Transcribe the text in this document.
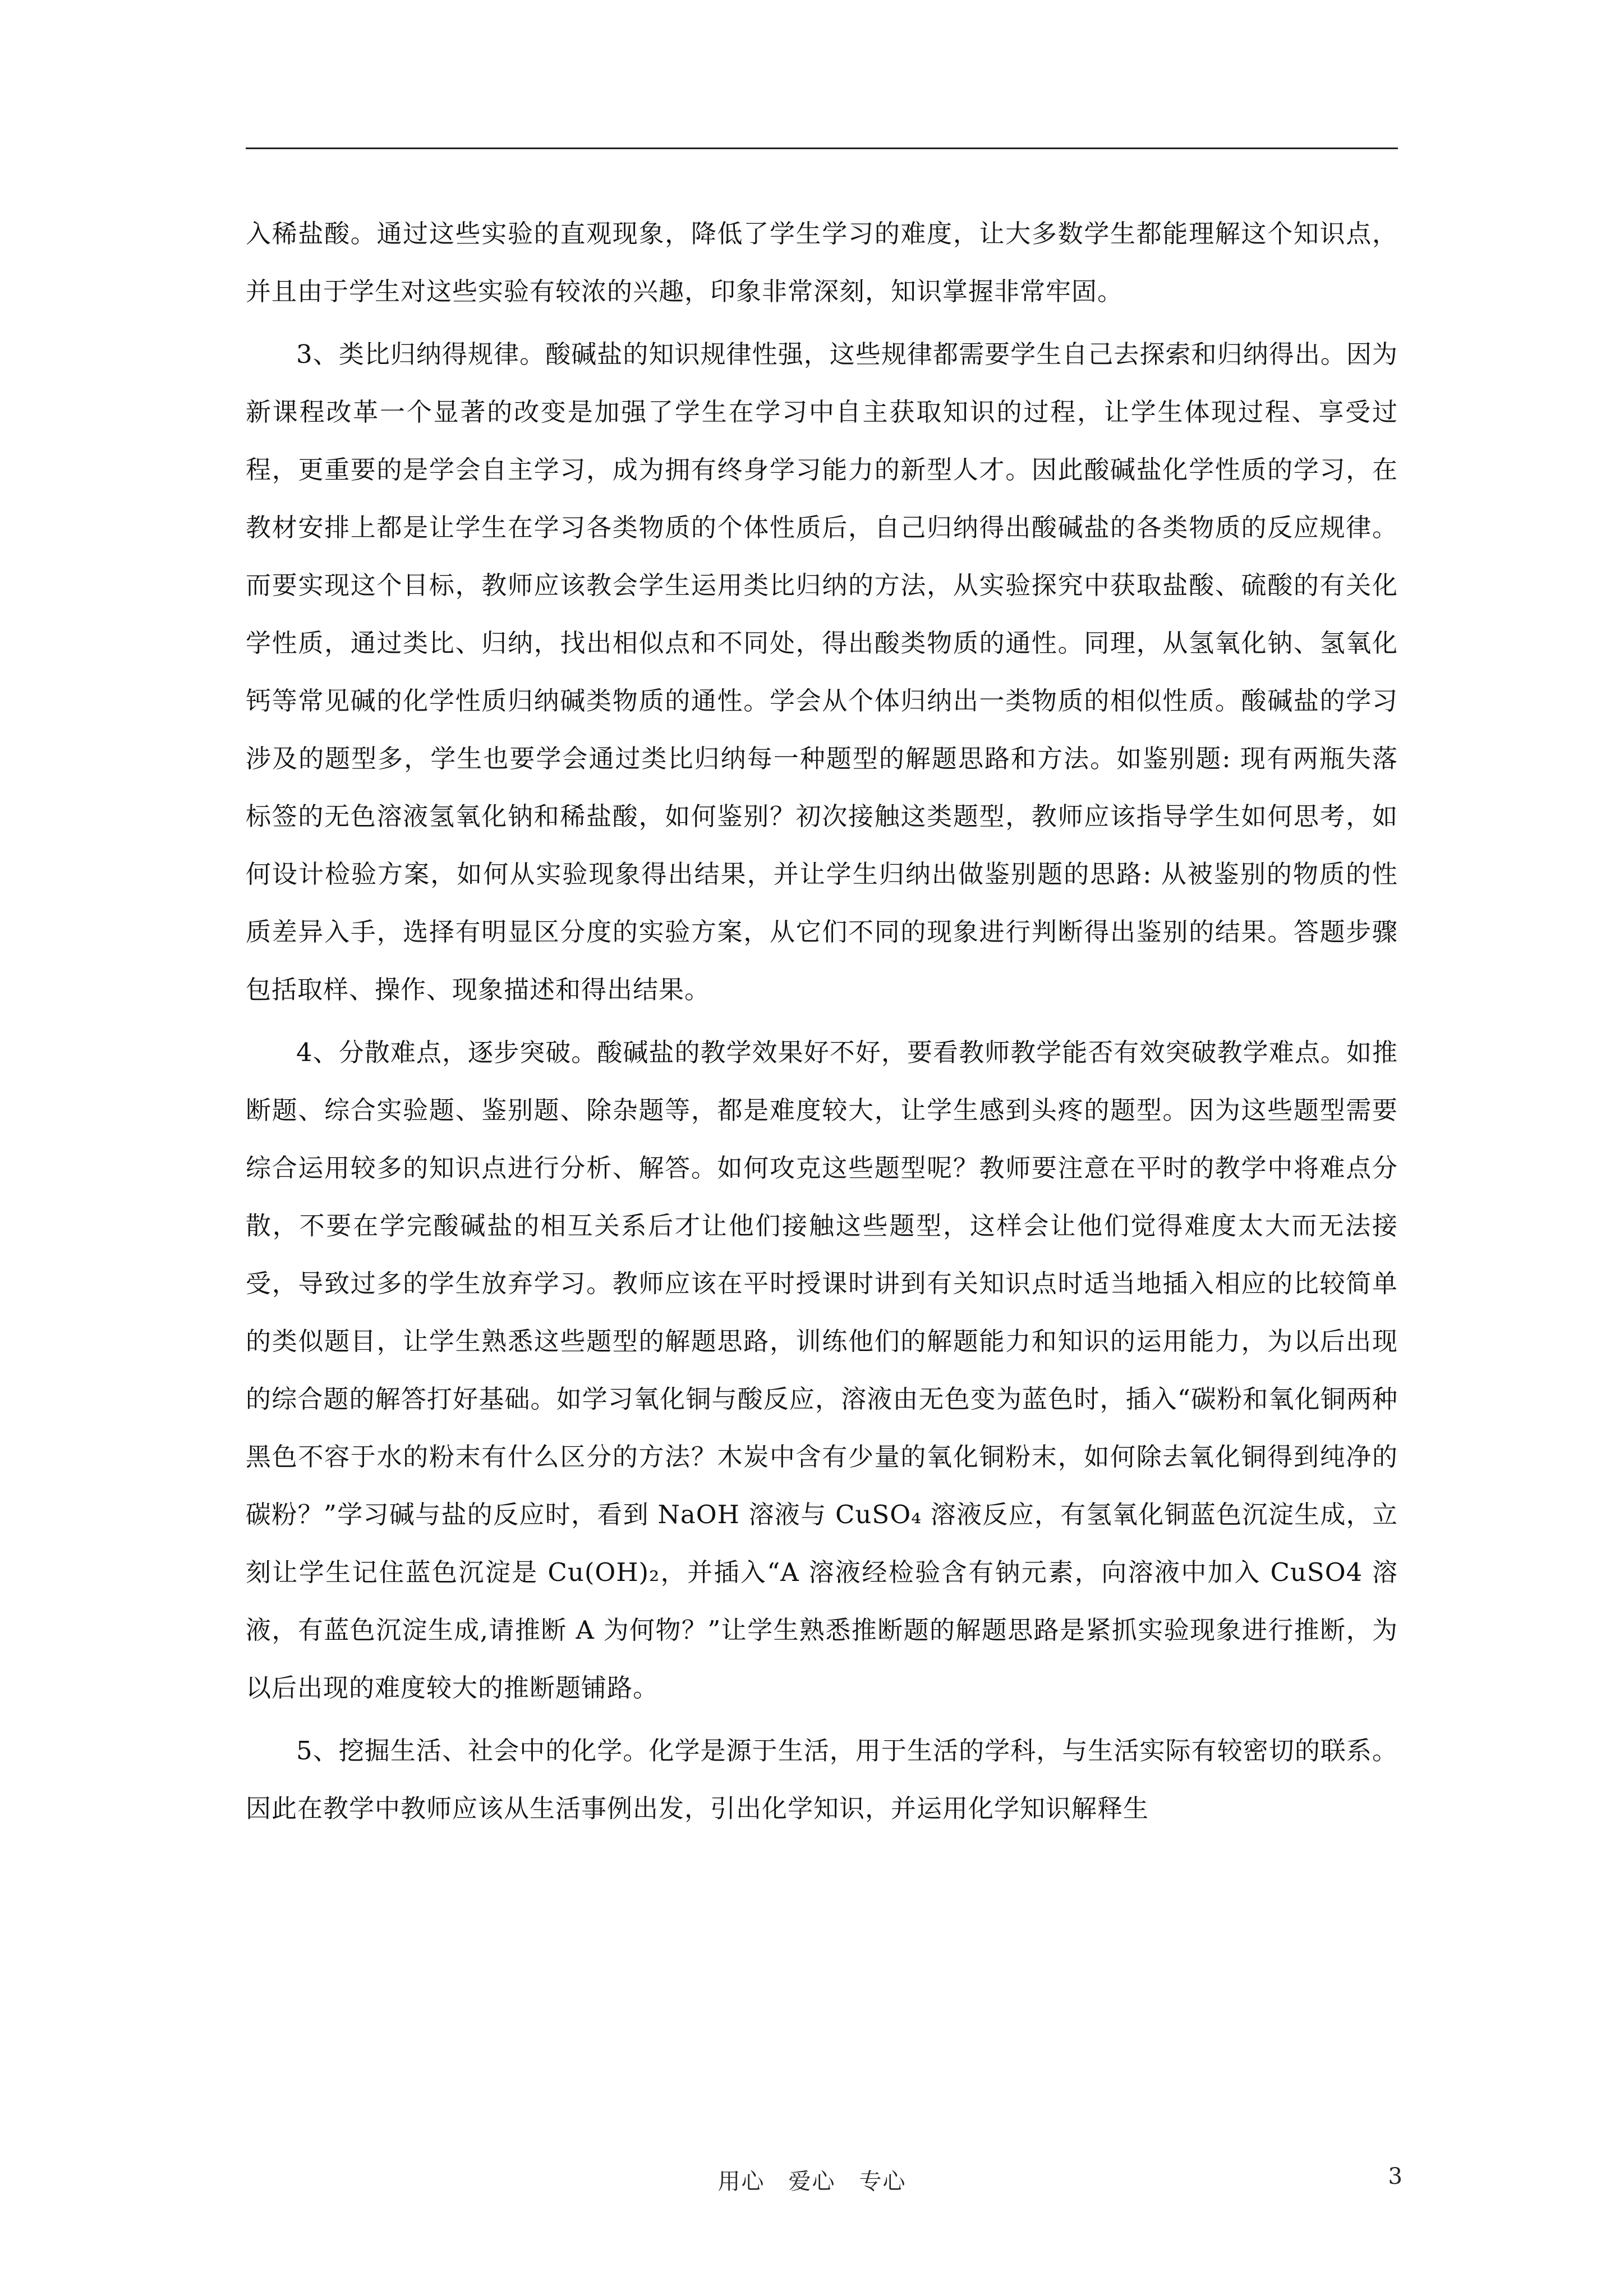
入稀盐酸。通过这些实验的直观现象，降低了学生学习的难度，让大多数学生都能理解这个知识点，并且由于学生对这些实验有较浓的兴趣，印象非常深刻，知识掌握非常牢固。

3、类比归纳得规律。酸碱盐的知识规律性强，这些规律都需要学生自己去探索和归纳得出。因为新课程改革一个显著的改变是加强了学生在学习中自主获取知识的过程，让学生体现过程、享受过程，更重要的是学会自主学习，成为拥有终身学习能力的新型人才。因此酸碱盐化学性质的学习，在教材安排上都是让学生在学习各类物质的个体性质后，自己归纳得出酸碱盐的各类物质的反应规律。而要实现这个目标，教师应该教会学生运用类比归纳的方法，从实验探究中获取盐酸、硫酸的有关化学性质，通过类比、归纳，找出相似点和不同处，得出酸类物质的通性。同理，从氢氧化钠、氢氧化钙等常见碱的化学性质归纳碱类物质的通性。学会从个体归纳出一类物质的相似性质。酸碱盐的学习涉及的题型多，学生也要学会通过类比归纳每一种题型的解题思路和方法。如鉴别题: 现有两瓶失落标签的无色溶液氢氧化钠和稀盐酸，如何鉴别？初次接触这类题型，教师应该指导学生如何思考，如何设计检验方案，如何从实验现象得出结果，并让学生归纳出做鉴别题的思路: 从被鉴别的物质的性质差异入手，选择有明显区分度的实验方案，从它们不同的现象进行判断得出鉴别的结果。答题步骤包括取样、操作、现象描述和得出结果。

4、分散难点，逐步突破。酸碱盐的教学效果好不好，要看教师教学能否有效突破教学难点。如推断题、综合实验题、鉴别题、除杂题等，都是难度较大，让学生感到头疼的题型。因为这些题型需要综合运用较多的知识点进行分析、解答。如何攻克这些题型呢？教师要注意在平时的教学中将难点分散，不要在学完酸碱盐的相互关系后才让他们接触这些题型，这样会让他们觉得难度太大而无法接受，导致过多的学生放弃学习。教师应该在平时授课时讲到有关知识点时适当地插入相应的比较简单的类似题目，让学生熟悉这些题型的解题思路，训练他们的解题能力和知识的运用能力，为以后出现的综合题的解答打好基础。如学习氧化铜与酸反应，溶液由无色变为蓝色时，插入“碳粉和氧化铜两种黑色不容于水的粉末有什么区分的方法？木炭中含有少量的氧化铜粉末，如何除去氧化铜得到纯净的碳粉？”学习碱与盐的反应时，看到 NaOH 溶液与 CuSO₄ 溶液反应，有氢氧化铜蓝色沉淀生成，立刻让学生记住蓝色沉淀是 Cu(OH)₂，并插入“A 溶液经检验含有钠元素，向溶液中加入 CuSO4 溶液，有蓝色沉淀生成,请推断 A 为何物？”让学生熟悉推断题的解题思路是紧抓实验现象进行推断，为以后出现的难度较大的推断题铺路。

5、挖掘生活、社会中的化学。化学是源于生活，用于生活的学科，与生活实际有较密切的联系。因此在教学中教师应该从生活事例出发，引出化学知识，并运用化学知识解释生

用心　爱心　专心	3
